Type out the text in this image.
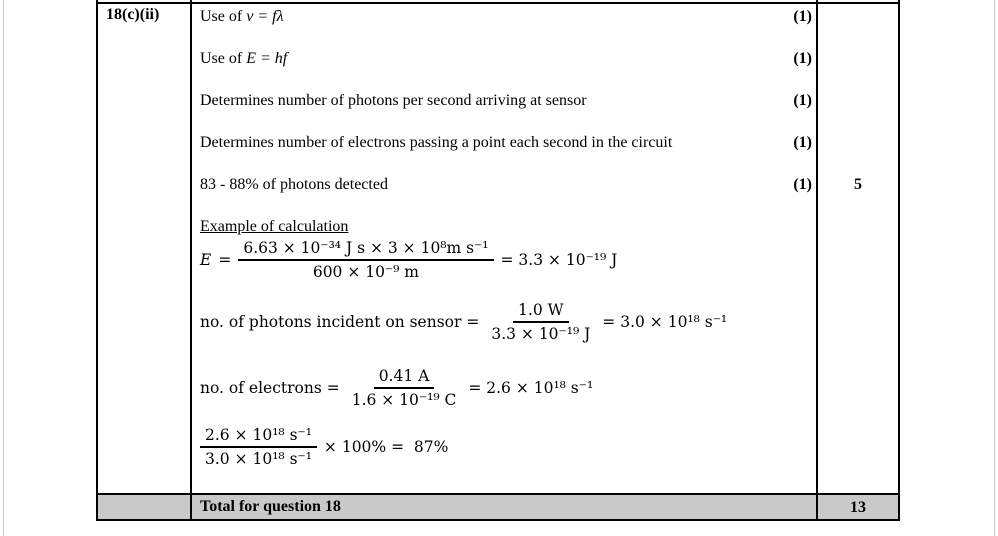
18(c)(ii)	Use of v = fλ	(1)
Use of E = hf	(1)
Determines number of photons per second arriving at sensor	(1)
Determines number of electrons passing a point each second in the circuit	(1)
83 - 88% of photons detected	(1)	5
Example of calculation
$E = \frac{\text{6.63 × 10⁻³⁴ J s × 3 × 10⁸m s⁻¹}}{\text{600 × 10⁻⁹ m}} = 3.3 \times 10^{-19}$ J
no. of photons incident on sensor = $\frac{1.0 W}{\text{3.3 × 10⁻¹⁹ J}} = 3.0 \times 10^{18}$ s⁻¹
no. of electrons = $\frac{0.41 A}{\text{1.6 × 10⁻¹⁹ C}} = 2.6 \times 10^{18}$ s⁻¹
$\frac{\text{2.6 × 10¹⁸ s⁻¹}}{\text{3.0 × 10¹⁸ s⁻¹}} \times 100\% = 87\%$
Total for question 18	13
